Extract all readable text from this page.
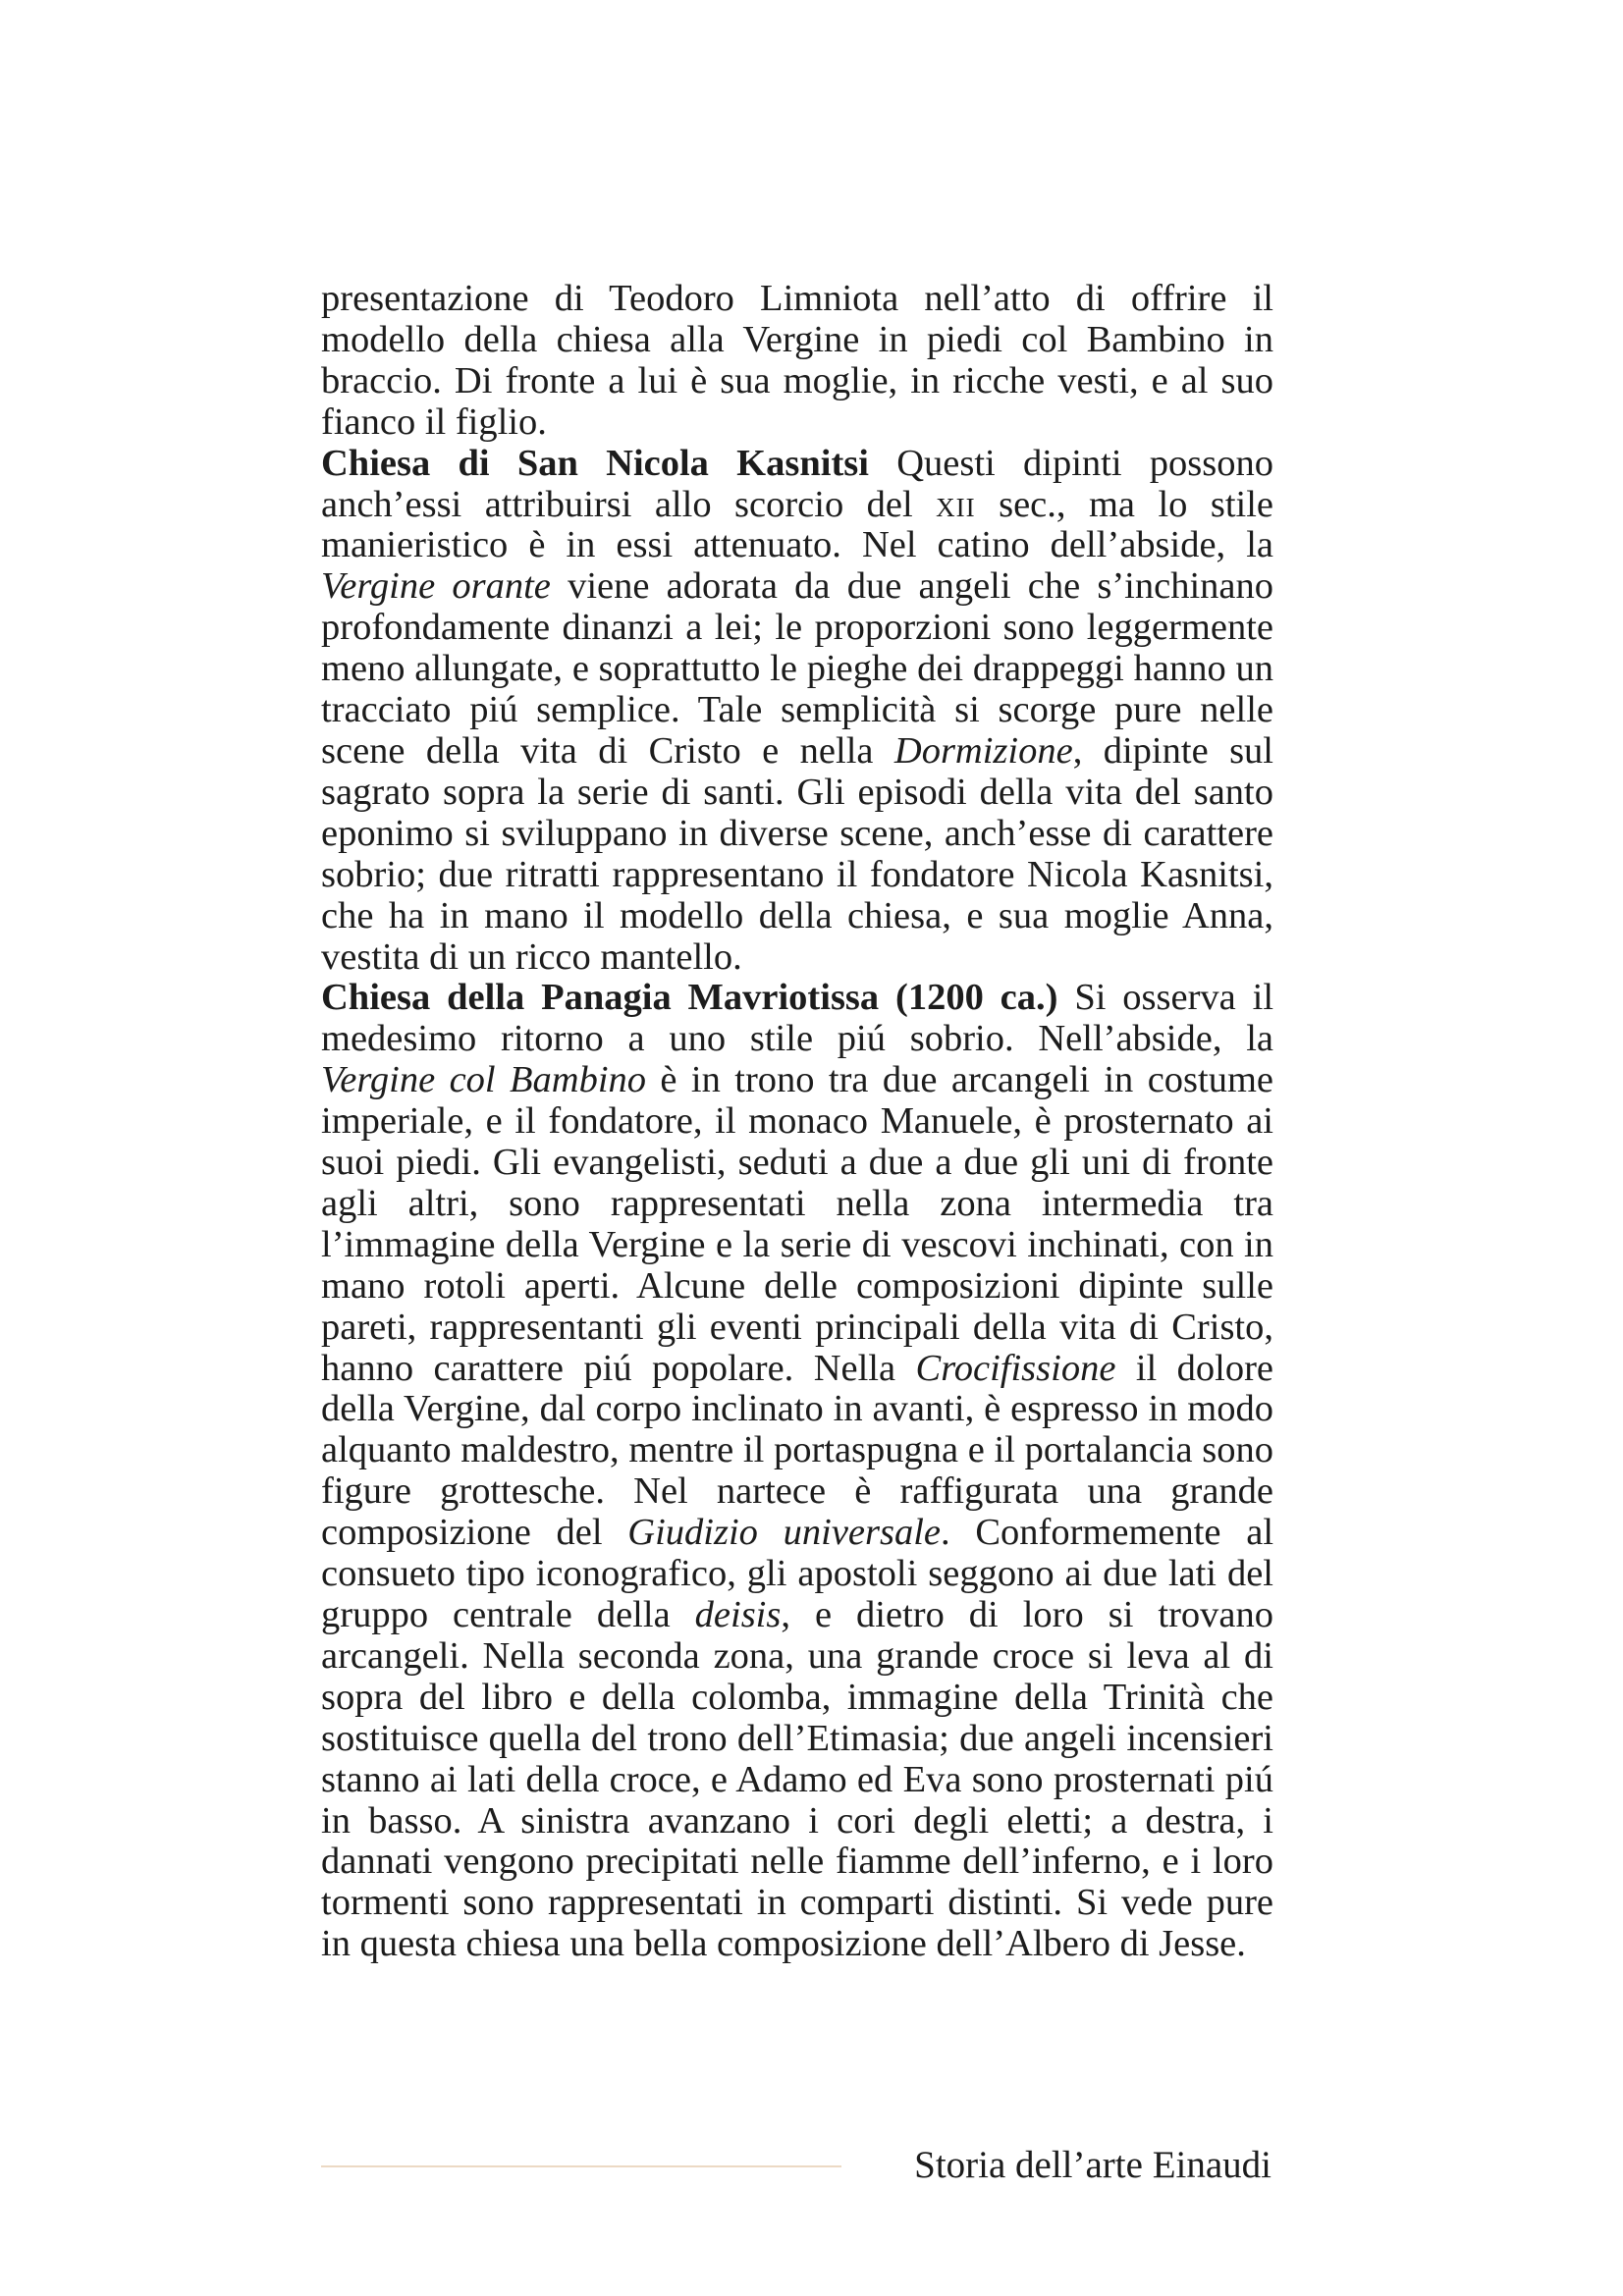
presentazione di Teodoro Limniota nell’atto di offrire il modello della chiesa alla Vergine in piedi col Bambino in braccio. Di fronte a lui è sua moglie, in ricche vesti, e al suo fianco il figlio.

Chiesa di San Nicola Kasnitsi Questi dipinti possono anch’essi attribuirsi allo scorcio del xii sec., ma lo stile manieristico è in essi attenuato. Nel catino dell’abside, la Vergine orante viene adorata da due angeli che s’inchinano profondamente dinanzi a lei; le proporzioni sono leggermente meno allungate, e soprattutto le pieghe dei drappeggi hanno un tracciato piú semplice. Tale semplicità si scorge pure nelle scene della vita di Cristo e nella Dormizione, dipinte sul sagrato sopra la serie di santi. Gli episodi della vita del santo eponimo si sviluppano in diverse scene, anch’esse di carattere sobrio; due ritratti rappresentano il fondatore Nicola Kasnitsi, che ha in mano il modello della chiesa, e sua moglie Anna, vestita di un ricco mantello.

Chiesa della Panagia Mavriotissa (1200 ca.) Si osserva il medesimo ritorno a uno stile piú sobrio. Nell’abside, la Vergine col Bambino è in trono tra due arcangeli in costume imperiale, e il fondatore, il monaco Manuele, è prosternato ai suoi piedi. Gli evangelisti, seduti a due a due gli uni di fronte agli altri, sono rappresentati nella zona intermedia tra l’immagine della Vergine e la serie di vescovi inchinati, con in mano rotoli aperti. Alcune delle composizioni dipinte sulle pareti, rappresentanti gli eventi principali della vita di Cristo, hanno carattere piú popolare. Nella Crocifissione il dolore della Vergine, dal corpo inclinato in avanti, è espresso in modo alquanto maldestro, mentre il portaspugna e il portalancia sono figure grottesche. Nel nartece è raffigurata una grande composizione del Giudizio universale. Conformemente al consueto tipo iconografico, gli apostoli seggono ai due lati del gruppo centrale della deisis, e dietro di loro si trovano arcangeli. Nella seconda zona, una grande croce si leva al di sopra del libro e della colomba, immagine della Trinità che sostituisce quella del trono dell’Etimasia; due angeli incensieri stanno ai lati della croce, e Adamo ed Eva sono prosternati piú in basso. A sinistra avanzano i cori degli eletti; a destra, i dannati vengono precipitati nelle fiamme dell’inferno, e i loro tormenti sono rappresentati in comparti distinti. Si vede pure in questa chiesa una bella composizione dell’Albero di Jesse.

Storia dell’arte Einaudi
